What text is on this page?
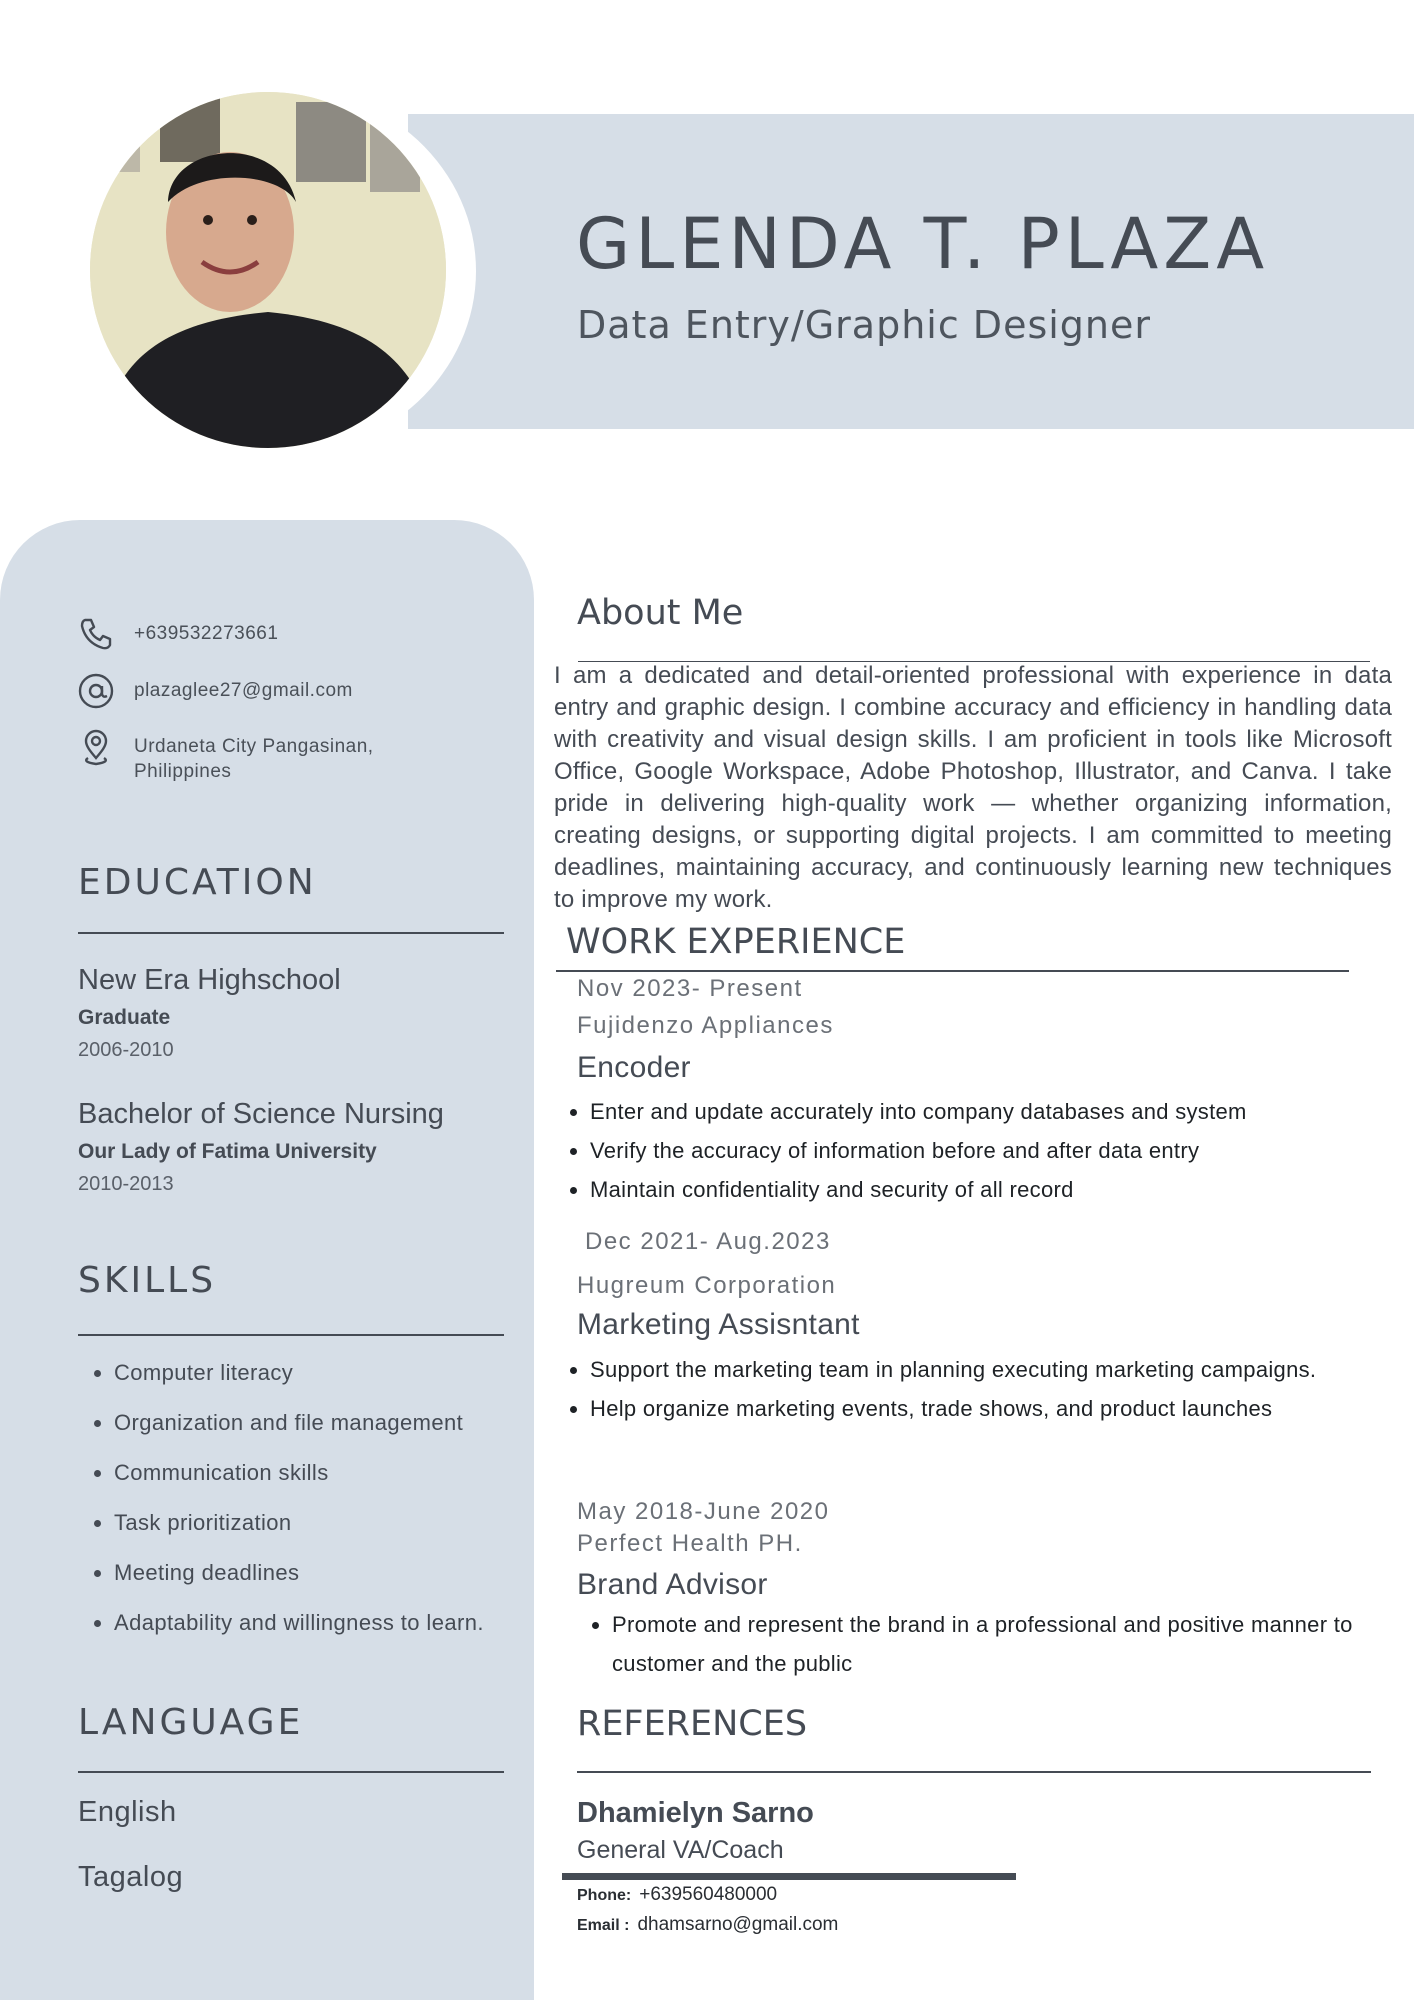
GLENDA T. PLAZA
Data Entry/Graphic Designer
+639532273661
plazaglee27@gmail.com
Urdaneta City Pangasinan,
Philippines
EDUCATION
New Era Highschool
Graduate
2006-2010
Bachelor of Science Nursing
Our Lady of Fatima University
2010-2013
SKILLS
• Computer literacy
• Organization and file management
• Communication skills
• Task prioritization
• Meeting deadlines
• Adaptability and willingness to learn.
LANGUAGE
English
Tagalog
About Me
I am a dedicated and detail-oriented professional with experience in data entry and graphic design. I combine accuracy and efficiency in handling data with creativity and visual design skills. I am proficient in tools like Microsoft Office, Google Workspace, Adobe Photoshop, Illustrator, and Canva. I take pride in delivering high-quality work — whether organizing information, creating designs, or supporting digital projects. I am committed to meeting deadlines, maintaining accuracy, and continuously learning new techniques to improve my work.
WORK EXPERIENCE
Nov 2023- Present
Fujidenzo Appliances
Encoder
• Enter and update accurately into company databases and system
• Verify the accuracy of information before and after data entry
• Maintain confidentiality and security of all record
Dec 2021- Aug.2023
Hugreum Corporation
Marketing Assisntant
• Support the marketing team in planning executing marketing campaigns.
• Help organize marketing events, trade shows, and product launches
May 2018-June 2020
Perfect Health PH.
Brand Advisor
• Promote and represent the brand in a professional and positive manner to customer and the public
REFERENCES
Dhamielyn Sarno
General VA/Coach
Phone: +639560480000
Email : dhamsarno@gmail.com
